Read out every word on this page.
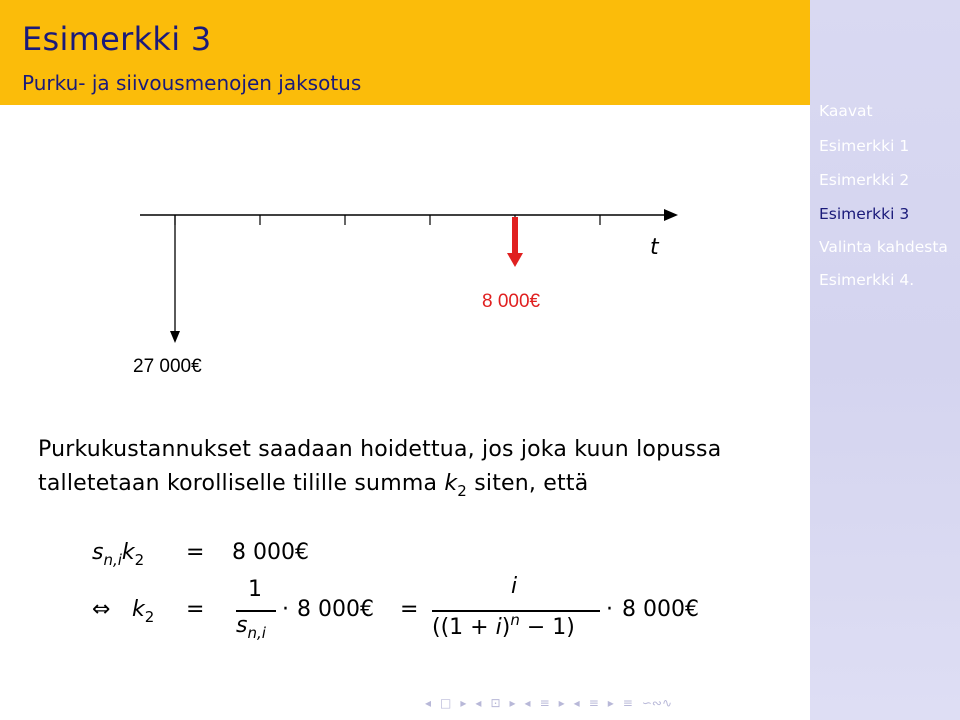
Esimerkki 3
Purku- ja siivousmenojen jaksotus
Kaavat
Esimerkki 1
Esimerkki 2
Esimerkki 3
Valinta kahdesta
Esimerkki 4.
t
8 000€
27 000€

Purkukustannukset saadaan hoidettua, jos joka kuun lopussa talletetaan korolliselle tilille summa $k_2$ siten, että

$s_{n,i}k_2 = 8$ 000€
⇔ $k_2$ =
1
$s_{n,i}$
· 8 000€ =
i
$((1 + i)^n - 1)$
· 8 000€
◂ □ ▸ ◂ ⊡ ▸ ◂ ≡ ▸ ◂ ≡ ▸ ≡ ∽∾∿
